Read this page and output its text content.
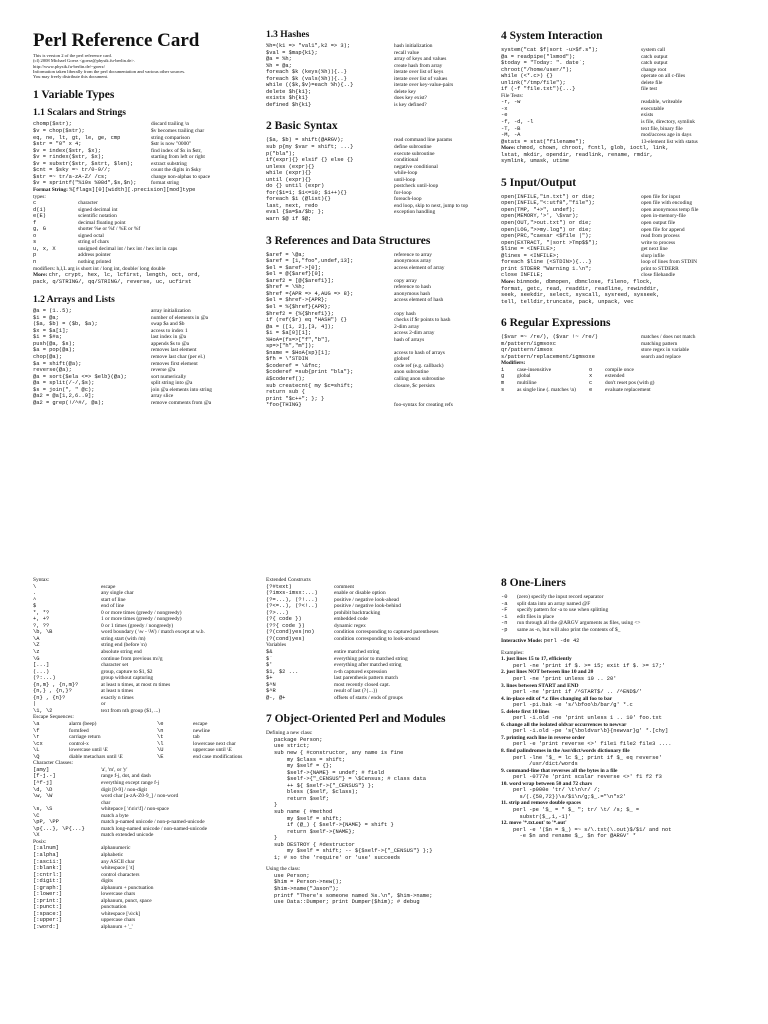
Perl Reference Card
This is version 2 of the perl reference card.
(cl) 2008 Michael Goerz <goerz@physik.fu-berlin.de>.
http://www.physik.fu-berlin.de/~goerz/
Information taken liberally from the perl documentation and various other sources.
You may freely distribute this document.
1 Variable Types
1.1 Scalars and Strings
chomp($str);	discard trailing \n
$v = chop($str);	$v becomes trailing char
eq, ne, lt, gt, le, ge, cmp	string comparison
$str = "0" x 4;	$str is now "0000"
$v = index($str, $x);	find index of $x in $str,
$v = rindex($str, $x);	starting from left or right
$v = substr($str, $strt, $len);	extract substring
$cnt = $sky =~ tr/0-9//;	count the digits in $sky
$str =~ tr/a-zA-Z/ /cs;	change non-alphas to space
$v = sprintf("%10s %08d",$s,$n);	format string
Format String: %[flags][0][width][.precision][mod]type
types:
c	character
d(i)	signed decimal int
e(E)	scientific notation
f	decimal floating point
g, G	shorter %e or %f / %E or %f
o	signed octal
s	string of chars
u, x, X	unsigned decimal int / hex int / hex int in caps
p	address pointer
n	nothing printed
modifiers: h,l,L arg is short int / long int, double/ long double
More: chr, crypt, hex, lc, lcfirst, length, oct, ord,
pack, q/STRING/, qq/STRING/, reverse, uc, ucfirst
1.2 Arrays and Lists
@a = (1..5);	array initialization
$i = @a;	number of elements in @a
($a, $b) = ($b, $a);	swap $a and $b
$x = $a[1];	access to index 1
$i = $#a;	last index in @a
push(@a, $s);	appends $s to @a
$a = pop(@a);	removes last element
chop(@a);	remove last char (per el.)
$a = shift(@a);	removes first element
reverse(@a);	reverse @a
@a = sort{$ela <=> $elb}(@a);	sort numerically
@a = split(/-/,$s);	split string into @a
$s = join(", " @c);	join @a elements into string
@a2 = @a[1,2,6..9];	array slice
@a2 = grep(!/^#/, @a);	remove comments from @a
1.3 Hashes
%h=(k1 => "val1",k2 => 3);	hash initialization
$val = $map{k1};	recall value
@a = %h;	array of keys and values
%h = @a;	create hash from array
foreach $k (keys(%h)){..}	iterate over list of keys
foreach $k (vals(%h)){..}	iterate over list of values
while (($k,$v)=each %h){..}	iterate over key-value-pairs
delete $h{k1};	delete key
exists $h{k1}	does key exist?
defined $h{k1}	is key defined?
2 Basic Syntax
($a, $b) = shift(@ARGV);	read command line params
sub p{my $var = shift; ...}	define subroutine
p("bla");	execute subroutine
if(expr){} elsif {} else {}	conditional
unless (expr){}	negative conditional
while (expr){}	while-loop
until (expr){}	until-loop
do {} until (expr)	postcheck until-loop
for($i=1; $i<=10; $i++){}	for-loop
foreach $i (@list){}	foreach-loop
last, next, redo	end loop, skip to next, jump to top
eval {$a=$a/$b; };	exception handling
warn $@ if $@;
3 References and Data Structures
$aref = \@a;	reference to array
$aref = [1,"foo",undef,13];	anonymous array
$el = $aref->[0];	access element of array
$el = @{$aref}[0];
$aref2 = [@{$aref1}];	copy array
$href = \%h;	reference to hash
$href ={APR => 4,AUG => 8};	anonymous hash
$el = $href->{APR};	access element of hash
$el = %{$href}{APR};
$href2 = {%{$href1}};	copy hash
if (ref($r) eq "HASH") {}	checks if $r points to hash
@a = ([1, 2],[3, 4]);	2-dim array
$i = $a[0][1];	access 2-dim array
%HoA=(fs=>["f","b"],	hash of arrays
sp=>["h","m"]);
$name = $HoA{sp}[1];	access to hash of arrays
$fh = \*STDIN	globref
$coderef = \&fnc;	code ref (e.g. callback)
$coderef =sub{print "bla"};	anon subroutine
&$coderef();	calling anon subroutine
sub createcnt{ my $c=shift;	closure, $c persists
return sub {
print "$c++"; }; }
*foo{THING}	foo-syntax for creating refs
4 System Interaction
system("cat $f|sort -u>$f.s");	system call
@a = readpipe("lsmod");	catch output
$today = "Today: ". date`;	catch output
chroot("/home/user/");	change root
while (<*.c>) {}	operate on all c-files
unlink("/tmp/file");	delete file
if (-f "file.txt"){...}	file test
File Tests:
-r, -w	readable, writeable
-x	executable
-e	exists
-f, -d, -l	is file, directory, symlink
-T, -B	text file, binary file
-M, -A	mod/access age in days
@stats = stat("filename");	13-element list with status
More: chmod, chown, chroot, fcntl, glob, ioctl, link,
lstat, mkdir, opendir, readlink, rename, rmdir,
symlink, umask, utime
5 Input/Output
open(INFILE,"in.txt") or die;	open file for input
open(INFILE,"<:utf8","file");	open file with encoding
open(TMP, "+>", undef);	open anonymous temp file
open(MEMORY,'>', \$var);	open in-memory-file
open(OUT,">out.txt") or die;	open output file
open(LOG,">>my.log") or die;	open file for append
open(PRC,"caesar <$file |");	read from process
open(EXTRACT, "|sort >Tmp$$");	write to process
$line = <INFILE>;	get next line
@lines = <INFILE>;	slurp infile
foreach $line (<STDIN>){...}	loop of lines from STDIN
print STDERR "Warning 1.\n";	print to STDERR
close INFILE;	close filehandle
More: binmode, dbmopen, dbmclose, fileno, flock,
format, getc, read, readdir, readline, rewinddir,
seek, seekdir, select, syscall, sysreed, sysseek,
tell, telldir,truncate, pack, unpack, vec
6 Regular Expressions
($var =~ /re/), ($var !~ /re/)	matches / does not match
m/pattern/igmsoxc	matching pattern
qr/pattern/imsox	store regex in variable
s/pattern/replacement/igmsoxe	search and replace
Modifiers:
i	case-insensitive	o	compile once
g	global	x	extended
m	multiline	c	don't reset pos (with g)
s	as single line (. matches \n)	e	evaluate replacement
Syntax:
\	escape
.	any single char
^	start of line
$	end of line
*, *?	0 or more times (greedy / nongreedy)
+, +?	1 or more times (greedy / nongreedy)
?, ??	0 or 1 times (greedy / nongreedy)
\b, \B	word boundary ( \w - \W) / match except at w.b.
\A	string start (with /m)
\Z	string end (before \n)
\z	absolute string end
\G	continue from previous m//g
[...]	character set
(...)	group, capture to $1, $2
(?:...)	group without capturing
{n,m} , {n,m}?	at least n times, at most m times
{n,} , {n,}?	at least n times
{n} , {n}?	exactly n times
|	or
\1, \2	text from nth group ($1, ...)
Escape Sequences:
\a	alarm (beep)	\e	escape
\f	formfeed	\n	newline
\r	carriage return	\t	tab
\cx	control-x	\l	lowercase next char
\L	lowercase until \E	\U	uppercase until \E
\Q	diable metachars until \E	\E	end case modifications
Character Classes:
[amy]	'a', 'm', or 'y'
[f-j.-]	range f-j, dot, and dash
[^f-j]	everything except range f-j
\d, \D	digit [0-9] / non-digit
\w, \W	word char [a-zA-Z0-9_] / non-word
char
\s, \S	whitepace [ \t\n\r\f] / non-space
\C	match a byte
\pP, \PP	match p-named unicode / non-p-named-unicode
\p{...}, \P{...}	match long-named unicode / non-named-unicode
\X	match extended unicode
Posix:
[:alnum]	alphanumeric
[:alpha]	alphabetic
[:ascii:]	any ASCII char
[:blank:]	whitespace [ \t]
[:cntrl:]	control characters
[:digit:]	digits
[:graph:]	alphanum + punctuation
[:lower:]	lowercase chars
[:print:]	alphanum, punct, space
[:punct:]	punctuation
[:space:]	whitespace [\s\ck]
[:upper:]	uppercase chars
[:word:]	alphanum + '_'
Extended Constructs
(?#text)	comment
(?imxs-imsx:...)	enable or disable option
(?=...), (?!...)	positive / negative look-ahead
(?<=..), (?<!..)	positive / negative look-behind
(?>...)	prohibit backtracking
(?{ code })	embedded code
(??{ code })	dynamic regex
(?(cond)yes|no)	condition corresponding to captured parentheses
(?(cond)yes)	condition corresponding to look-around
Variables
$&	entire matched string
$`	everything prior to matched string
$'	everything after matched string
$1, $2 ...	n-th captured expression
$+	last parenthesis pattern match
$^N	most recently closed capt.
$^R	result of last (?{...})
@-, @+	offsets of starts / ends of groups
7 Object-Oriented Perl and Modules
Defining a new class:
package Person;
use strict;
sub new { #constructor, any name is fine
my $class = shift;
my $self = {};
$self->{NAME} = undef; # field
$self->{"_CENSUS"} = \$Census; # class data
++ ${ $self->{"_CENSUS"} };
bless ($self, $class);
return $self;
}
sub name { #method
my $self = shift;
if (@_) { $self->{NAME} = shift }
return $self->{NAME};
}
sub DESTROY { #destructor
my $self = shift; -- ${$self->{"_CENSUS"} };}
1; # so the 'require' or 'use' succeeds
Using the class:
use Person;
$him = Person->new();
$him->name("Jason");
printf "There's someone named %s.\n", $him->name;
use Data::Dumper; print Dumper($him); # debug
8 One-Liners
-0	(zero) specify the input record separator
-a	split data into an array named @F
-F	specify pattern for -a to use when splitting
-i	edit files in place
-n	run through all the @ARGV arguments as files, using <>
-p	same as -n, but will also print the contents of $_
Interactive Mode: perl -de 42
Examples:
1. just lines 15 to 17, efficiently
perl -ne 'print if $. >= 15; exit if $. >= 17;'
2. just lines NOT between line 10 and 20
perl -ne 'print unless 10 .. 20'
3. lines between START and END
perl -ne 'print if /^START$/ .. /^END$/'
4. in-place edit of *.c files changing all foo to bar
perl -pi.bak -e 's/\bfoo\b/bar/g' *.c
5. delete first 10 lines
perl -i.old -ne 'print unless 1 .. 10' foo.txt
6. change all the isolated oldvar occurrences to newvar
perl -i.old -pe 's{\boldvar\b}{newvar}g' *.[chy]
7. printing each line in reverse order
perl -e 'print reverse <>' file1 file2 file3 ....
8. find palindromes in the /usr/dict/words dictionary file
perl -lne '$_ = lc $_; print if $_ eq reverse'
/usr/dict/words
9. command-line that reverses all the bytes in a file
perl -0777e 'print scalar reverse <>' f1 f2 f3
10. word wrap between 50 and 72 chars
perl -p000e 'tr/ \t\n\r/ /;
s/(.{50,72})\s/$1\n/g;$_.="\n"x2'
11. strip and remove double spaces
perl -pe '$_ = " $_ "; tr/ \t/ /s; $_ =
substr($_,1,-1)'
12. move '*.txt.out' to '*.out'
perl -e '($n = $_) =~ s/\.txt(\.out)$/$1/ and not
-e $n and rename $_, $n for @ARGV' *
